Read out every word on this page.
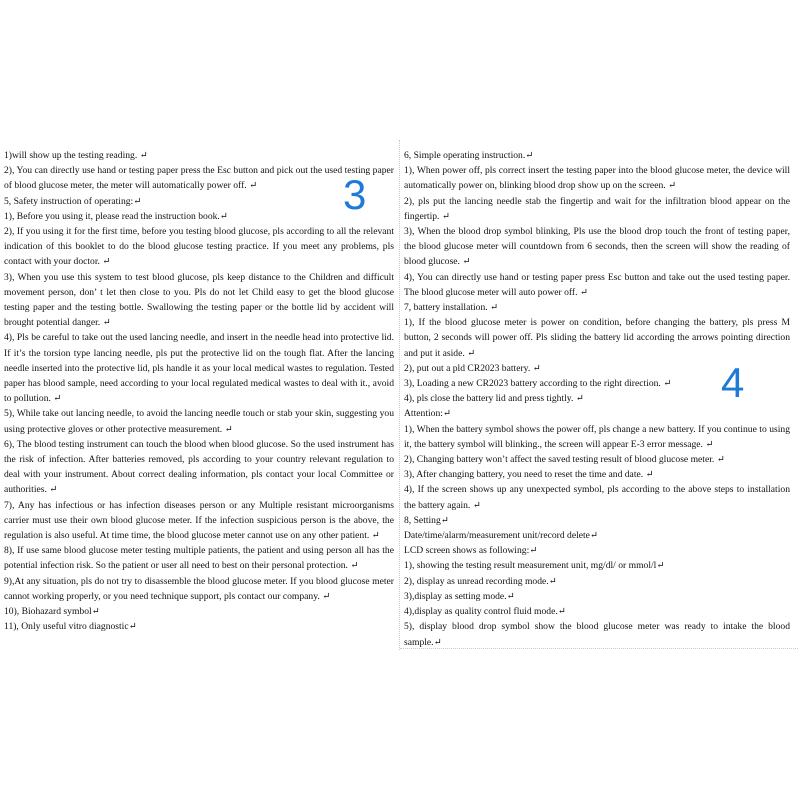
1)will show up the testing reading. ↵

2), You can directly use hand or testing paper press the Esc button and pick out the used testing paper of blood glucose meter, the meter will automatically power off. ↵

5, Safety instruction of operating:↵

1), Before you using it, please read the instruction book.↵

2), If you using it for the first time, before you testing blood glucose, pls according to all the relevant indication of this booklet to do the blood glucose testing practice. If you meet any problems, pls contact with your doctor. ↵

3), When you use this system to test blood glucose, pls keep distance to the Children and difficult movement person, don’ t let then close to you. Pls do not let Child easy to get the blood glucose testing paper and the testing bottle. Swallowing the testing paper or the bottle lid by accident will brought potential danger. ↵

4), Pls be careful to take out the used lancing needle, and insert in the needle head into protective lid. If it’s the torsion type lancing needle, pls put the protective lid on the tough flat. After the lancing needle inserted into the protective lid, pls handle it as your local medical wastes to regulation. Tested paper has blood sample, need according to your local regulated medical wastes to deal with it., avoid to pollution. ↵

5), While take out lancing needle, to avoid the lancing needle touch or stab your skin, suggesting you using protective gloves or other protective measurement. ↵

6), The blood testing instrument can touch the blood when blood glucose. So the used instrument has the risk of infection. After batteries removed, pls according to your country relevant regulation to deal with your instrument. About correct dealing information, pls contact your local Committee or authorities. ↵

7), Any has infectious or has infection diseases person or any Multiple resistant microorganisms carrier must use their own blood glucose meter. If the infection suspicious person is the above, the regulation is also useful. At time time, the blood glucose meter cannot use on any other patient. ↵

8), If use same blood glucose meter testing multiple patients, the patient and using person all has the potential infection risk. So the patient or user all need to best on their personal protection. ↵

9),At any situation, pls do not try to disassemble the blood glucose meter. If you blood glucose meter cannot working properly, or you need technique support, pls contact our company. ↵

10), Biohazard symbol↵

11), Only useful vitro diagnostic↵

6, Simple operating instruction.↵

1), When power off, pls correct insert the testing paper into the blood glucose meter, the device will automatically power on, blinking blood drop show up on the screen. ↵

2), pls put the lancing needle stab the fingertip and wait for the infiltration blood appear on the fingertip. ↵

3), When the blood drop symbol blinking, Pls use the blood drop touch the front of testing paper, the blood glucose meter will countdown from 6 seconds, then the screen will show the reading of blood glucose. ↵

4), You can directly use hand or testing paper press Esc button and take out the used testing paper. The blood glucose meter will auto power off. ↵

7, battery installation. ↵

1), If the blood glucose meter is power on condition, before changing the battery, pls press M button, 2 seconds will power off. Pls sliding the battery lid according the arrows pointing direction and put it aside. ↵

2), put out a pld CR2023 battery. ↵

3), Loading a new CR2023 battery according to the right direction. ↵

4), pls close the battery lid and press tightly. ↵

Attention:↵

1), When the battery symbol shows the power off, pls change a new battery. If you continue to using it, the battery symbol will blinking., the screen will appear E-3 error message. ↵

2), Changing battery won’t affect the saved testing result of blood glucose meter. ↵

3), After changing battery, you need to reset the time and date. ↵

4), If the screen shows up any unexpected symbol, pls according to the above steps to installation the battery again. ↵

8, Setting↵

Date/time/alarm/measurement unit/record delete↵

LCD screen shows as following:↵

1), showing the testing result measurement unit, mg/dl/ or mmol/l↵

2), display as unread recording mode.↵

3),display as setting mode.↵

4),display as quality control fluid mode.↵

5), display blood drop symbol show the blood glucose meter was ready to intake the blood sample.↵

3
4
